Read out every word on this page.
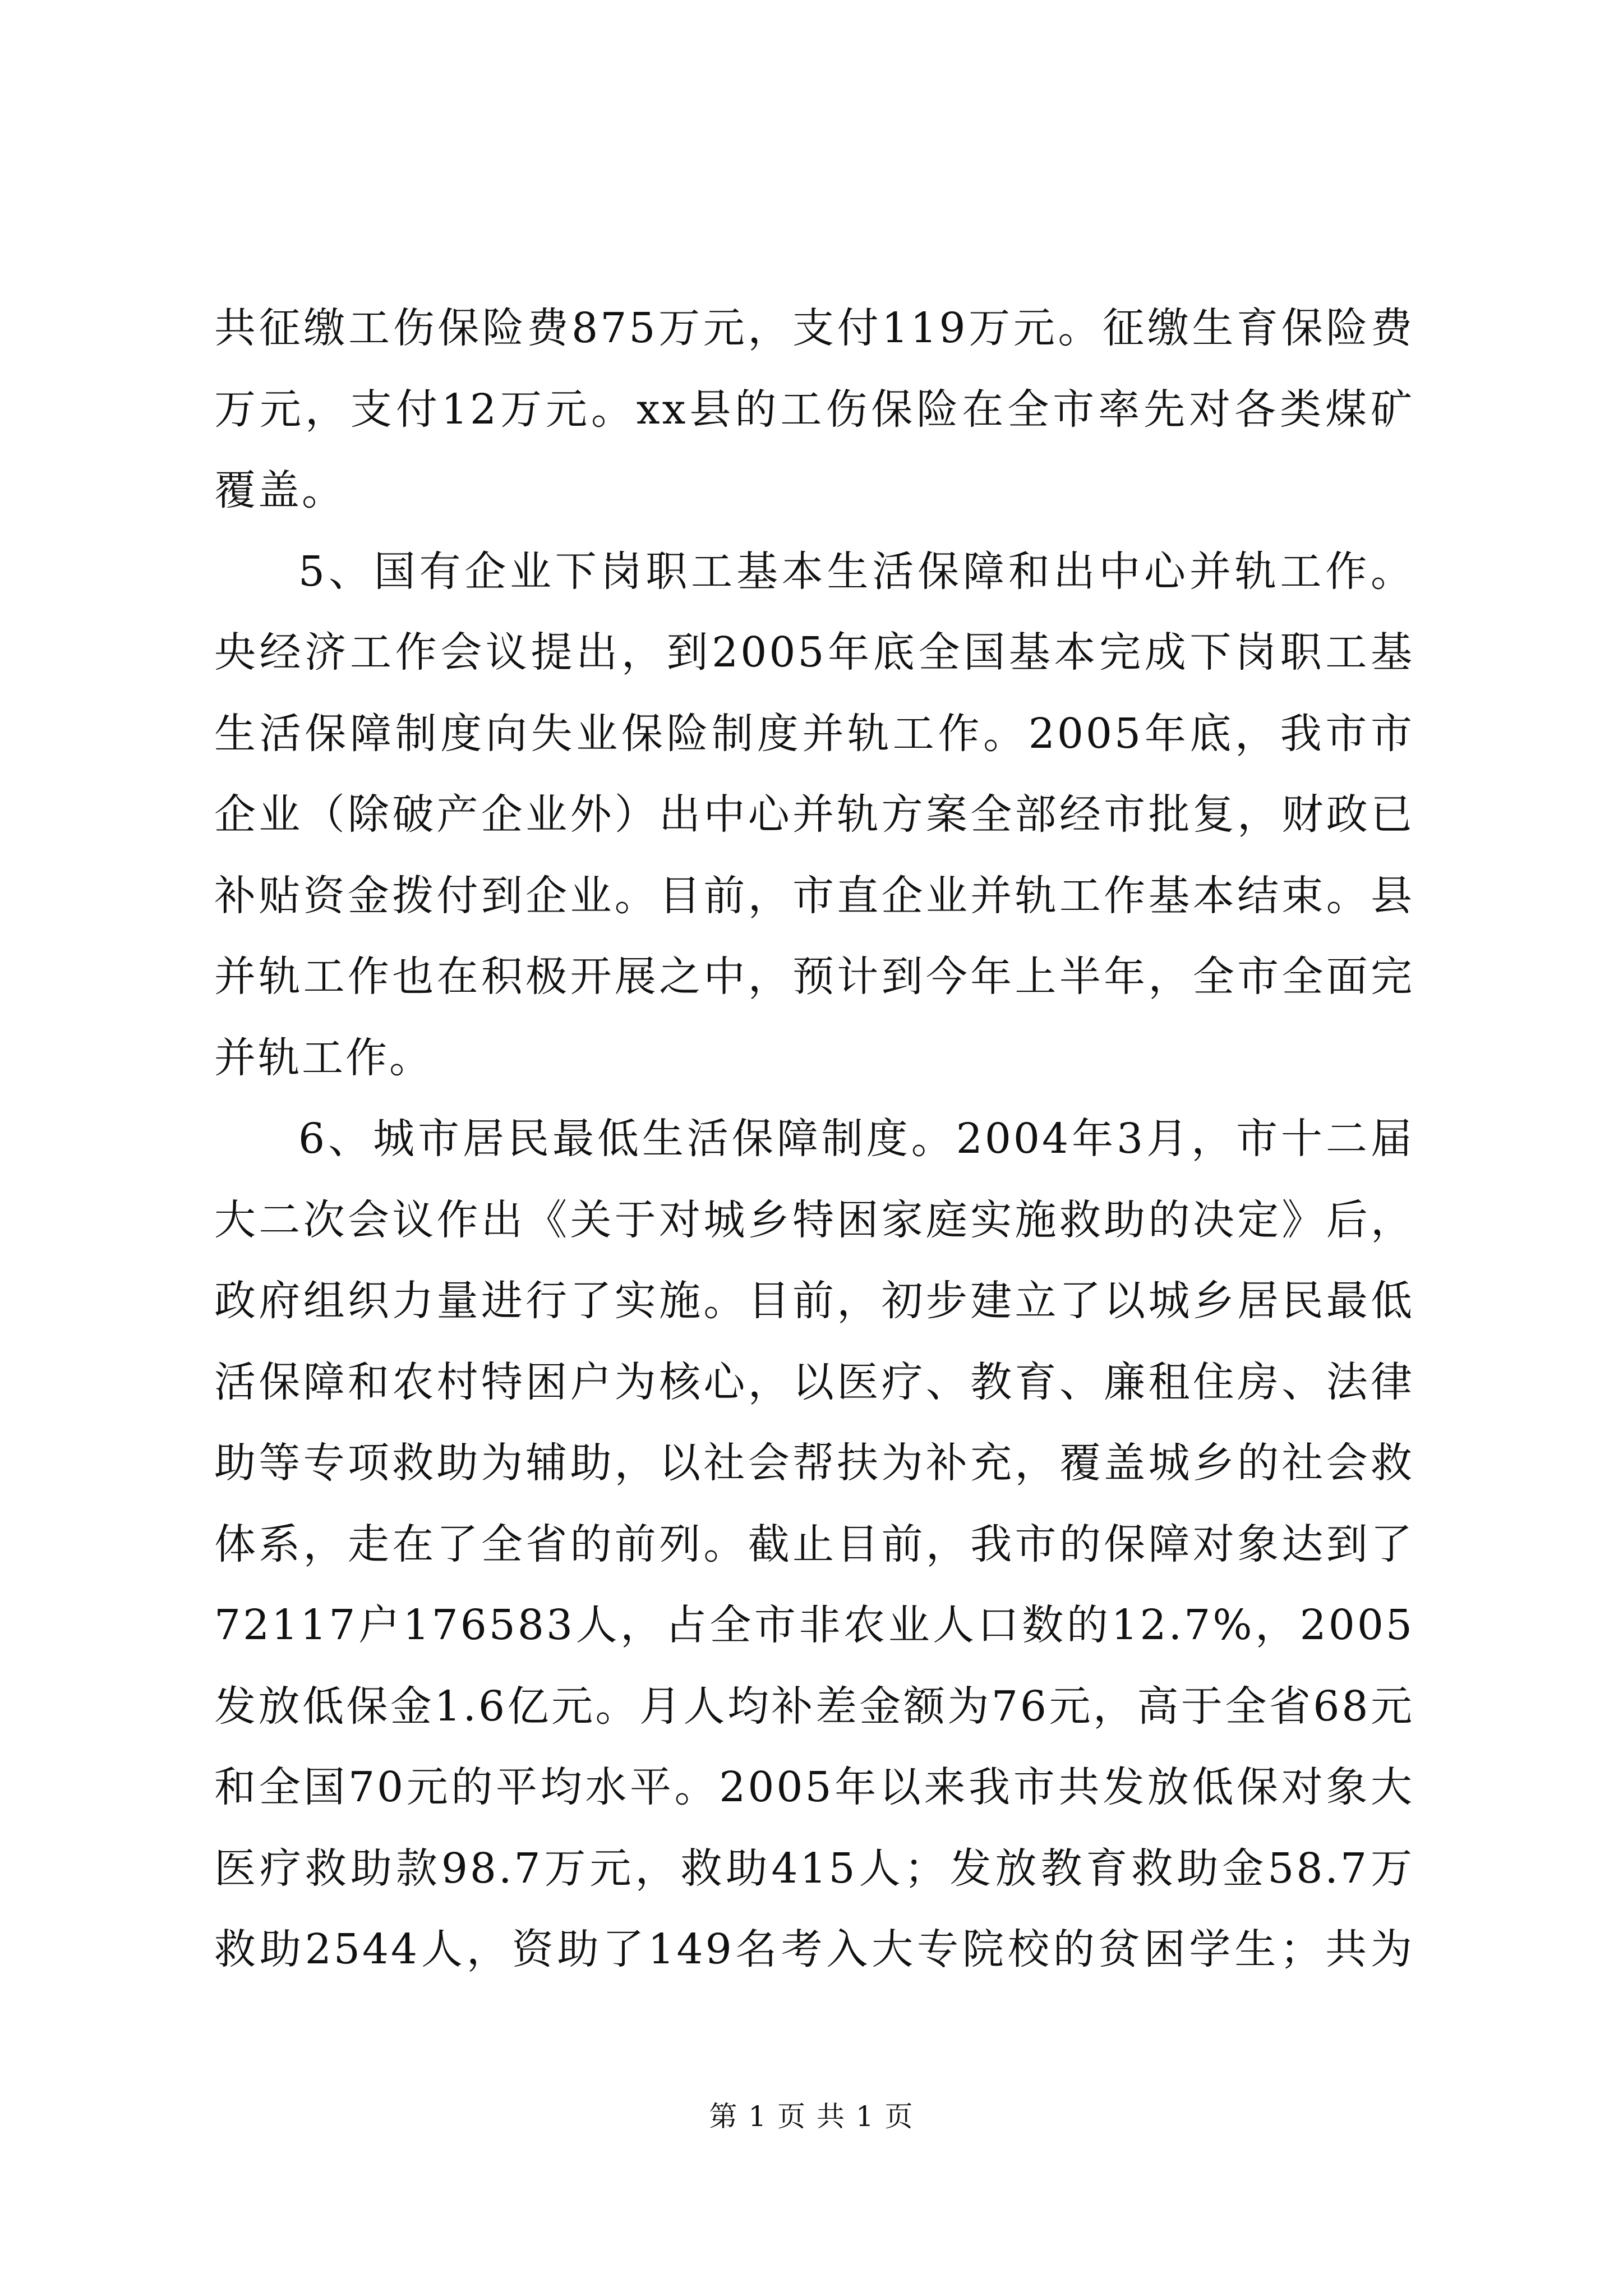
共征缴工伤保险费875万元，支付119万元。征缴生育保险费
万元，支付12万元。xx县的工伤保险在全市率先对各类煤矿
覆盖。
5、国有企业下岗职工基本生活保障和出中心并轨工作。
央经济工作会议提出，到2005年底全国基本完成下岗职工基
生活保障制度向失业保险制度并轨工作。2005年底，我市市
企业（除破产企业外）出中心并轨方案全部经市批复，财政已
补贴资金拨付到企业。目前，市直企业并轨工作基本结束。县
并轨工作也在积极开展之中，预计到今年上半年，全市全面完
并轨工作。
6、城市居民最低生活保障制度。2004年3月，市十二届
大二次会议作出《关于对城乡特困家庭实施救助的决定》后，
政府组织力量进行了实施。目前，初步建立了以城乡居民最低
活保障和农村特困户为核心，以医疗、教育、廉租住房、法律
助等专项救助为辅助，以社会帮扶为补充，覆盖城乡的社会救
体系，走在了全省的前列。截止目前，我市的保障对象达到了
72117户176583人，占全市非农业人口数的12.7%，2005
发放低保金1.6亿元。月人均补差金额为76元，高于全省68元
和全国70元的平均水平。2005年以来我市共发放低保对象大
医疗救助款98.7万元，救助415人；发放教育救助金58.7万
救助2544人，资助了149名考入大专院校的贫困学生；共为
第 1 页 共 1 页
